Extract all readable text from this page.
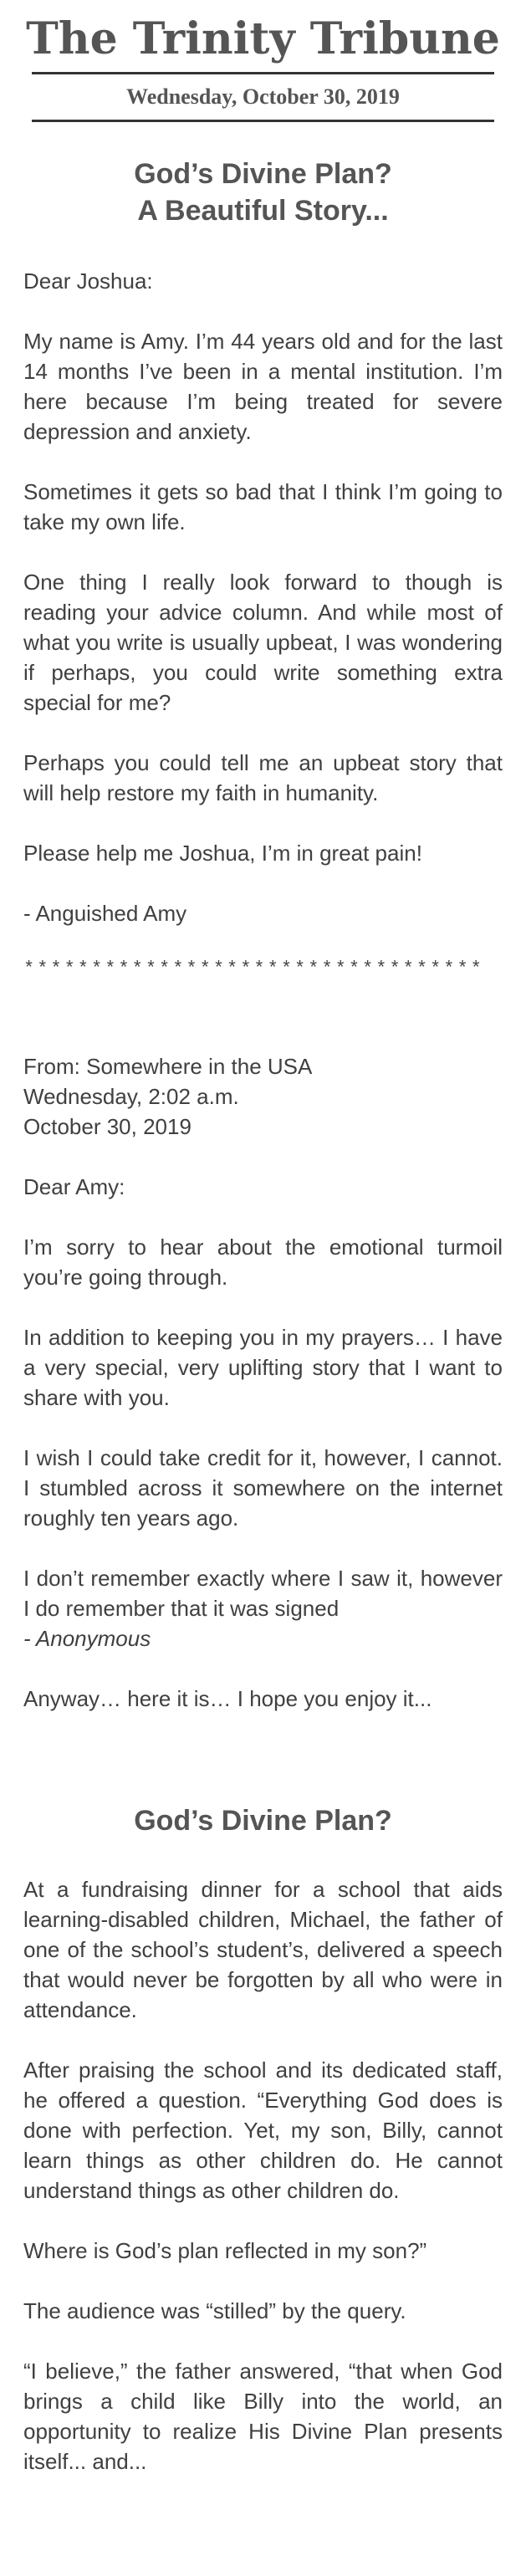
The Trinity Tribune
Wednesday, October 30, 2019
God’s Divine Plan?
A Beautiful Story...

Dear Joshua:

My name is Amy. I’m 44 years old and for the last 14 months I’ve been in a mental institution. I’m here because I’m being treated for severe depression and anxiety.

Sometimes it gets so bad that I think I’m going to take my own life.

One thing I really look forward to though is reading your advice column. And while most of what you write is usually upbeat, I was wondering if perhaps, you could write something extra special for me?

Perhaps you could tell me an upbeat story that will help restore my faith in humanity.

Please help me Joshua, I’m in great pain!

- Anguished Amy

**********************************

From: Somewhere in the USA
Wednesday, 2:02 a.m.
October 30, 2019

Dear Amy:

I’m sorry to hear about the emotional turmoil you’re going through.

In addition to keeping you in my prayers… I have a very special, very uplifting story that I want to share with you.

I wish I could take credit for it, however, I cannot. I stumbled across it somewhere on the internet roughly ten years ago.

I don’t remember exactly where I saw it, however I do remember that it was signed
- Anonymous

Anyway… here it is… I hope you enjoy it...

God’s Divine Plan?

At a fundraising dinner for a school that aids learning-disabled children, Michael, the father of one of the school’s student’s, delivered a speech that would never be forgotten by all who were in attendance.

After praising the school and its dedicated staff, he offered a question. “Everything God does is done with perfection. Yet, my son, Billy, cannot learn things as other children do. He cannot understand things as other children do.

Where is God’s plan reflected in my son?”

The audience was “stilled” by the query.

“I believe,” the father answered, “that when God brings a child like Billy into the world, an opportunity to realize His Divine Plan presents itself... and...
